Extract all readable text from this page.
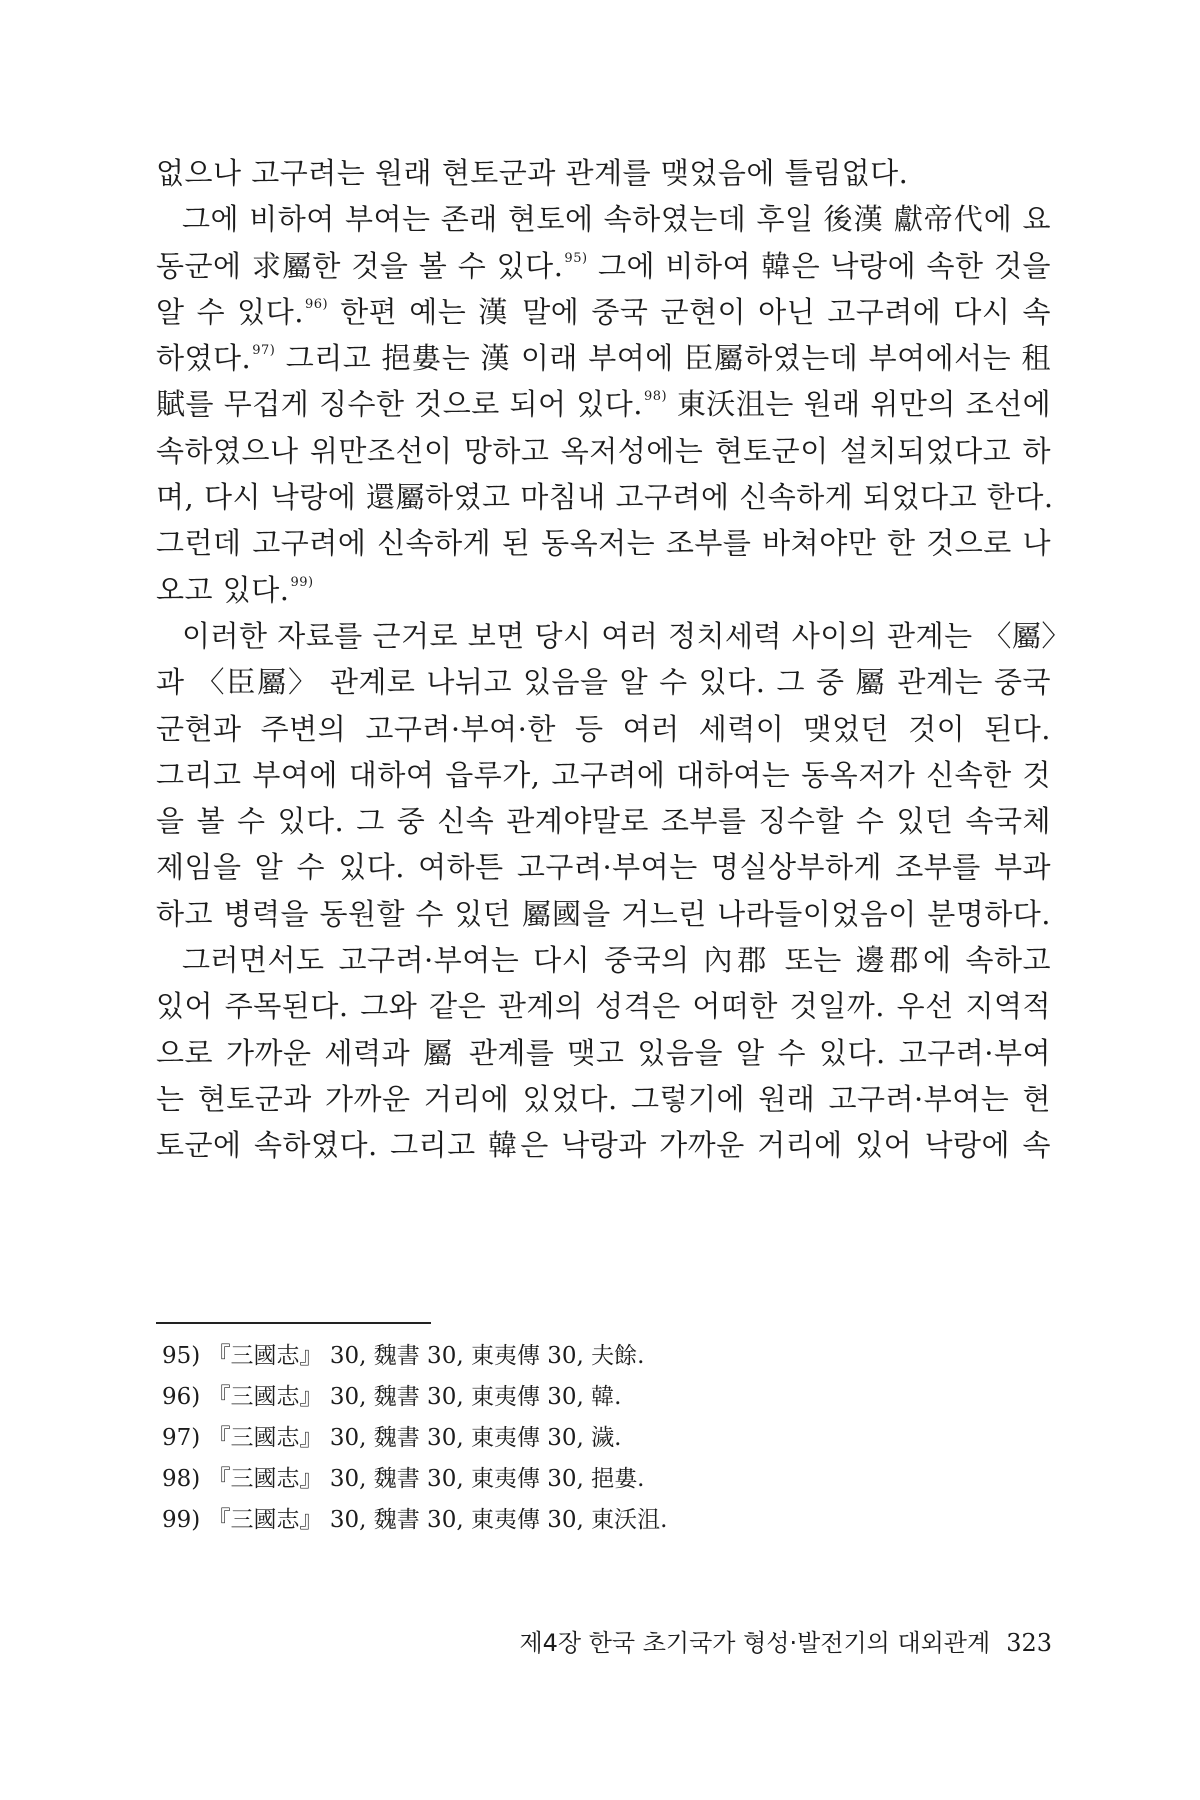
없으나 고구려는 원래 현토군과 관계를 맺었음에 틀림없다.
그에 비하여 부여는 존래 현토에 속하였는데 후일 後漢 獻帝代에 요
동군에 求屬한 것을 볼 수 있다.$^{95)}$ 그에 비하여 韓은 낙랑에 속한 것을
알 수 있다.$^{96)}$ 한편 예는 漢 말에 중국 군현이 아닌 고구려에 다시 속
하였다.$^{97)}$ 그리고 挹婁는 漢 이래 부여에 臣屬하였는데 부여에서는 租
賦를 무겁게 징수한 것으로 되어 있다.$^{98)}$ 東沃沮는 원래 위만의 조선에
속하였으나 위만조선이 망하고 옥저성에는 현토군이 설치되었다고 하
며, 다시 낙랑에 還屬하였고 마침내 고구려에 신속하게 되었다고 한다.
그런데 고구려에 신속하게 된 동옥저는 조부를 바쳐야만 한 것으로 나
오고 있다.$^{99)}$
이러한 자료를 근거로 보면 당시 여러 정치세력 사이의 관계는 〈屬〉
과 〈臣屬〉 관계로 나뉘고 있음을 알 수 있다. 그 중 屬 관계는 중국
군현과 주변의 고구려·부여·한 등 여러 세력이 맺었던 것이 된다.
그리고 부여에 대하여 읍루가, 고구려에 대하여는 동옥저가 신속한 것
을 볼 수 있다. 그 중 신속 관계야말로 조부를 징수할 수 있던 속국체
제임을 알 수 있다. 여하튼 고구려·부여는 명실상부하게 조부를 부과
하고 병력을 동원할 수 있던 屬國을 거느린 나라들이었음이 분명하다.
그러면서도 고구려·부여는 다시 중국의 內郡 또는 邊郡에 속하고
있어 주목된다. 그와 같은 관계의 성격은 어떠한 것일까. 우선 지역적
으로 가까운 세력과 屬 관계를 맺고 있음을 알 수 있다. 고구려·부여
는 현토군과 가까운 거리에 있었다. 그렇기에 원래 고구려·부여는 현
토군에 속하였다. 그리고 韓은 낙랑과 가까운 거리에 있어 낙랑에 속
95) 『三國志』 30, 魏書 30, 東夷傳 30, 夫餘.
96) 『三國志』 30, 魏書 30, 東夷傳 30, 韓.
97) 『三國志』 30, 魏書 30, 東夷傳 30, 濊.
98) 『三國志』 30, 魏書 30, 東夷傳 30, 挹婁.
99) 『三國志』 30, 魏書 30, 東夷傳 30, 東沃沮.
제4장 한국 초기국가 형성·발전기의 대외관계 323
